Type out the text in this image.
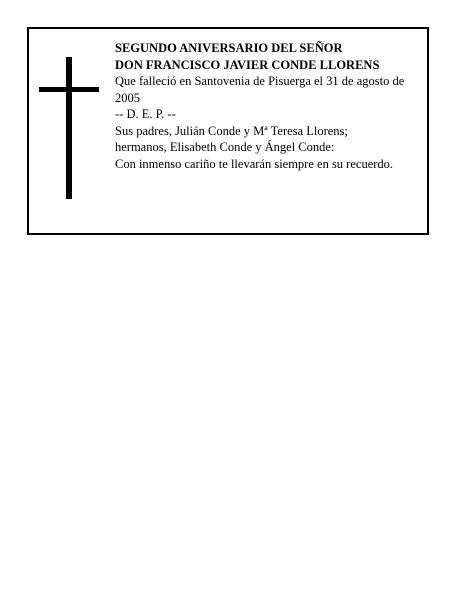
SEGUNDO ANIVERSARIO DEL SEÑOR
DON FRANCISCO JAVIER CONDE LLORENS
Que falleció en Santovenia de Pisuerga el 31 de agosto de 2005
-- D. E. P. --
Sus padres, Julián Conde y Mª Teresa Llorens;
hermanos, Elisabeth Conde y Ángel Conde:
Con inmenso cariño te llevarán siempre en su recuerdo.
